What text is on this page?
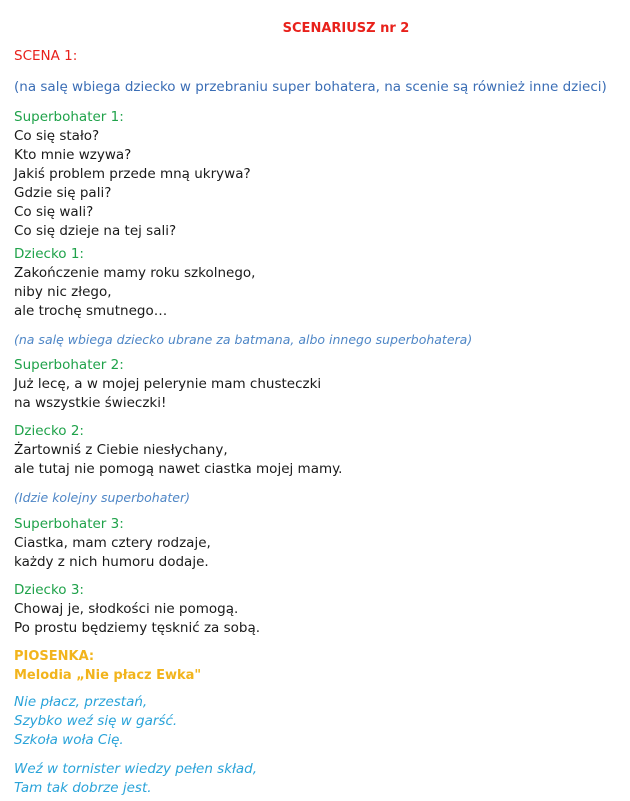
SCENARIUSZ nr 2
SCENA 1:
(na salę wbiega dziecko w przebraniu super bohatera, na scenie są również inne dzieci)
Superbohater 1:
Co się stało?
Kto mnie wzywa?
Jakiś problem przede mną ukrywa?
Gdzie się pali?
Co się wali?
Co się dzieje na tej sali?
Dziecko 1:
Zakończenie mamy roku szkolnego,
niby nic złego,
ale trochę smutnego…
(na salę wbiega dziecko ubrane za batmana, albo innego superbohatera)
Superbohater 2:
Już lecę, a w mojej pelerynie mam chusteczki
na wszystkie świeczki!
Dziecko 2:
Żartowniś z Ciebie niesłychany,
ale tutaj nie pomogą nawet ciastka mojej mamy.
(Idzie kolejny superbohater)
Superbohater 3:
Ciastka, mam cztery rodzaje,
każdy z nich humoru dodaje.
Dziecko 3:
Chowaj je, słodkości nie pomogą.
Po prostu będziemy tęsknić za sobą.
PIOSENKA:
Melodia „Nie płacz Ewka"
Nie płacz, przestań,
Szybko weź się w garść.
Szkoła woła Cię.
Weź w tornister wiedzy pełen skład,
Tam tak dobrze jest.
